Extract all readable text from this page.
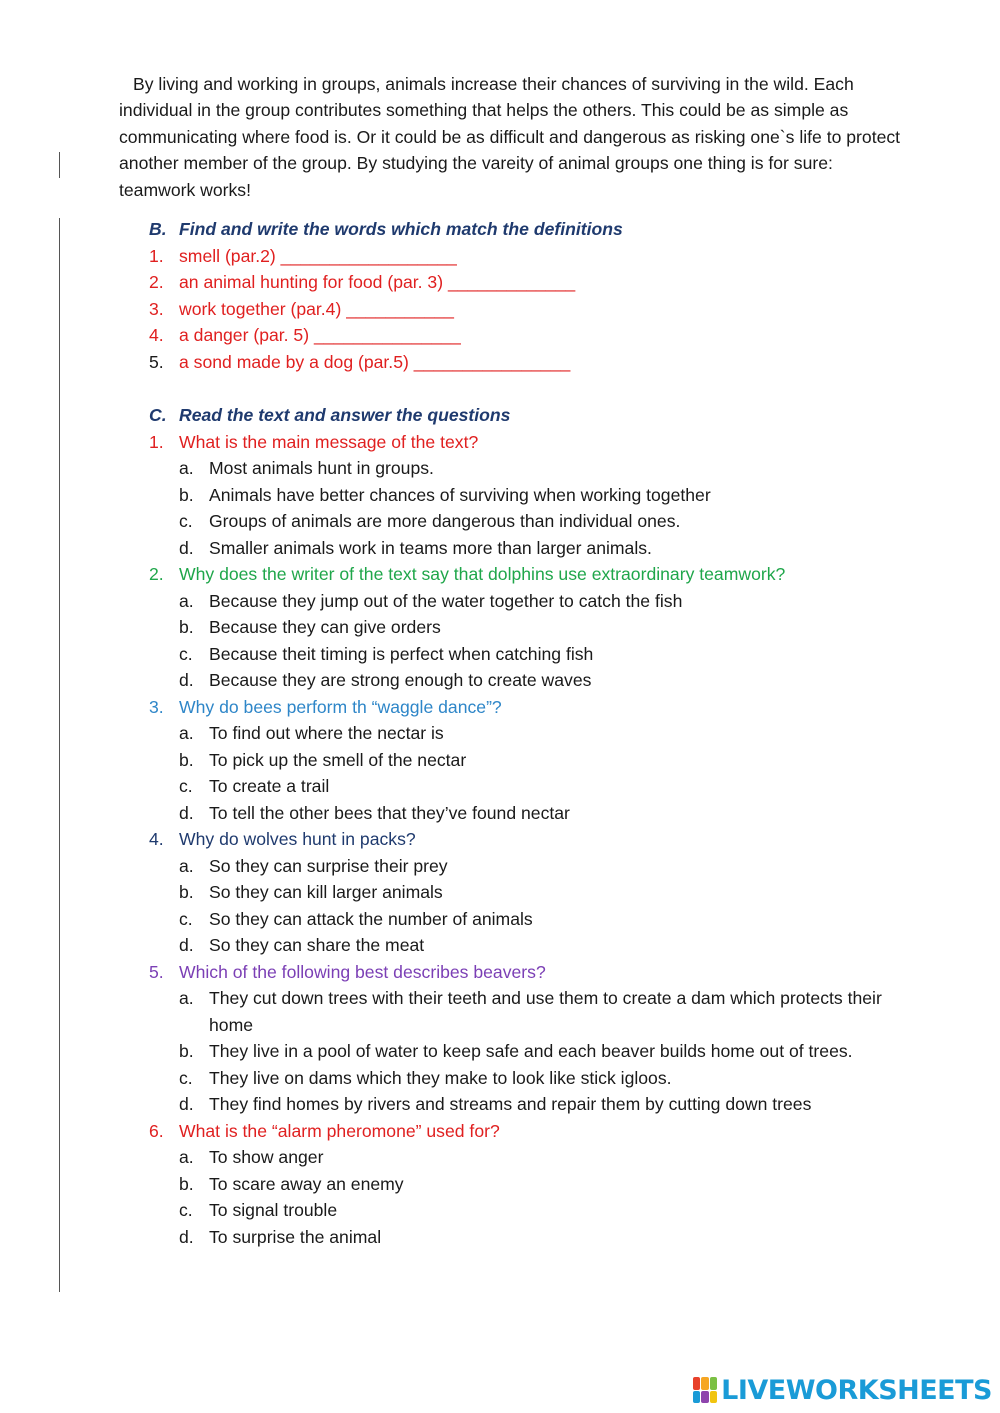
By living and working in groups, animals increase their chances of surviving in the wild. Each individual in the group contributes something that helps the others. This could be as simple as communicating where food is. Or it could be as difficult and dangerous as risking one`s life to protect another member of the group. By studying the vareity of animal groups one thing is for sure: teamwork works!

B. Find and write the words which match the definitions
1. smell (par.2) __________________
2. an animal hunting for food (par. 3) _____________
3. work together (par.4) ___________
4. a danger (par. 5) _______________
5. a sond made by a dog (par.5) ________________
C. Read the text and answer the questions
1. What is the main message of the text?
a. Most animals hunt in groups.
b. Animals have better chances of surviving when working together
c. Groups of animals are more dangerous than individual ones.
d. Smaller animals work in teams more than larger animals.
2. Why does the writer of the text say that dolphins use extraordinary teamwork?
a. Because they jump out of the water together to catch the fish
b. Because they can give orders
c. Because theit timing is perfect when catching fish
d. Because they are strong enough to create waves
3. Why do bees perform th “waggle dance”?
a. To find out where the nectar is
b. To pick up the smell of the nectar
c. To create a trail
d. To tell the other bees that they’ve found nectar
4. Why do wolves hunt in packs?
a. So they can surprise their prey
b. So they can kill larger animals
c. So they can attack the number of animals
d. So they can share the meat
5. Which of the following best describes beavers?
a. They cut down trees with their teeth and use them to create a dam which protects their home
b. They live in a pool of water to keep safe and each beaver builds home out of trees.
c. They live on dams which they make to look like stick igloos.
d. They find homes by rivers and streams and repair them by cutting down trees
6. What is the “alarm pheromone” used for?
a. To show anger
b. To scare away an enemy
c. To signal trouble
d. To surprise the animal
LIVEWORKSHEETS
